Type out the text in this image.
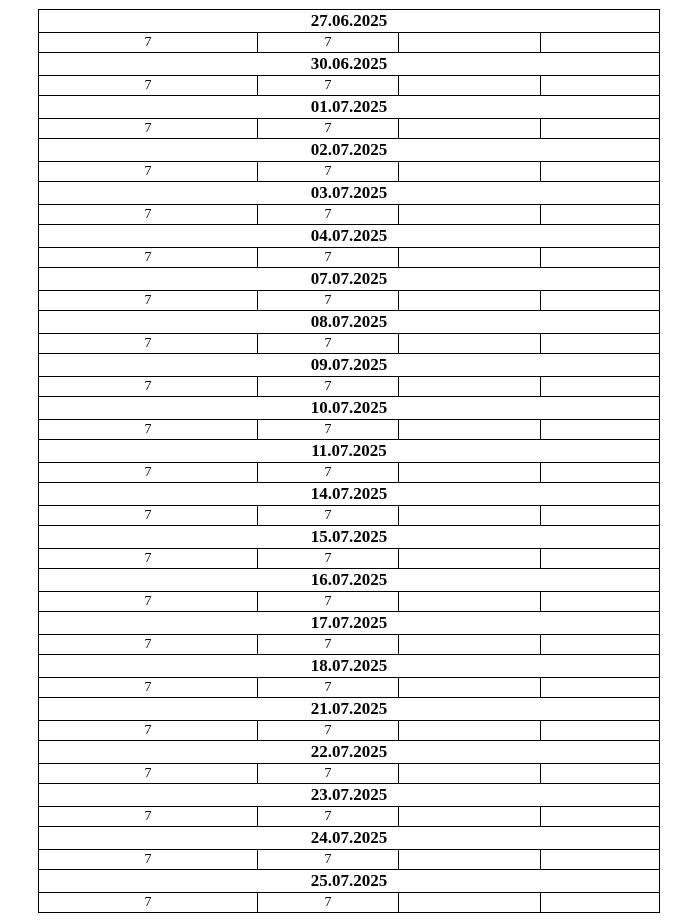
27.06.2025			
7	7		
30.06.2025			
7	7		
01.07.2025			
7	7		
02.07.2025			
7	7		
03.07.2025			
7	7		
04.07.2025			
7	7		
07.07.2025			
7	7		
08.07.2025			
7	7		
09.07.2025			
7	7		
10.07.2025			
7	7		
11.07.2025			
7	7		
14.07.2025			
7	7		
15.07.2025			
7	7		
16.07.2025			
7	7		
17.07.2025			
7	7		
18.07.2025			
7	7		
21.07.2025			
7	7		
22.07.2025			
7	7		
23.07.2025			
7	7		
24.07.2025			
7	7		
25.07.2025			
7	7		
